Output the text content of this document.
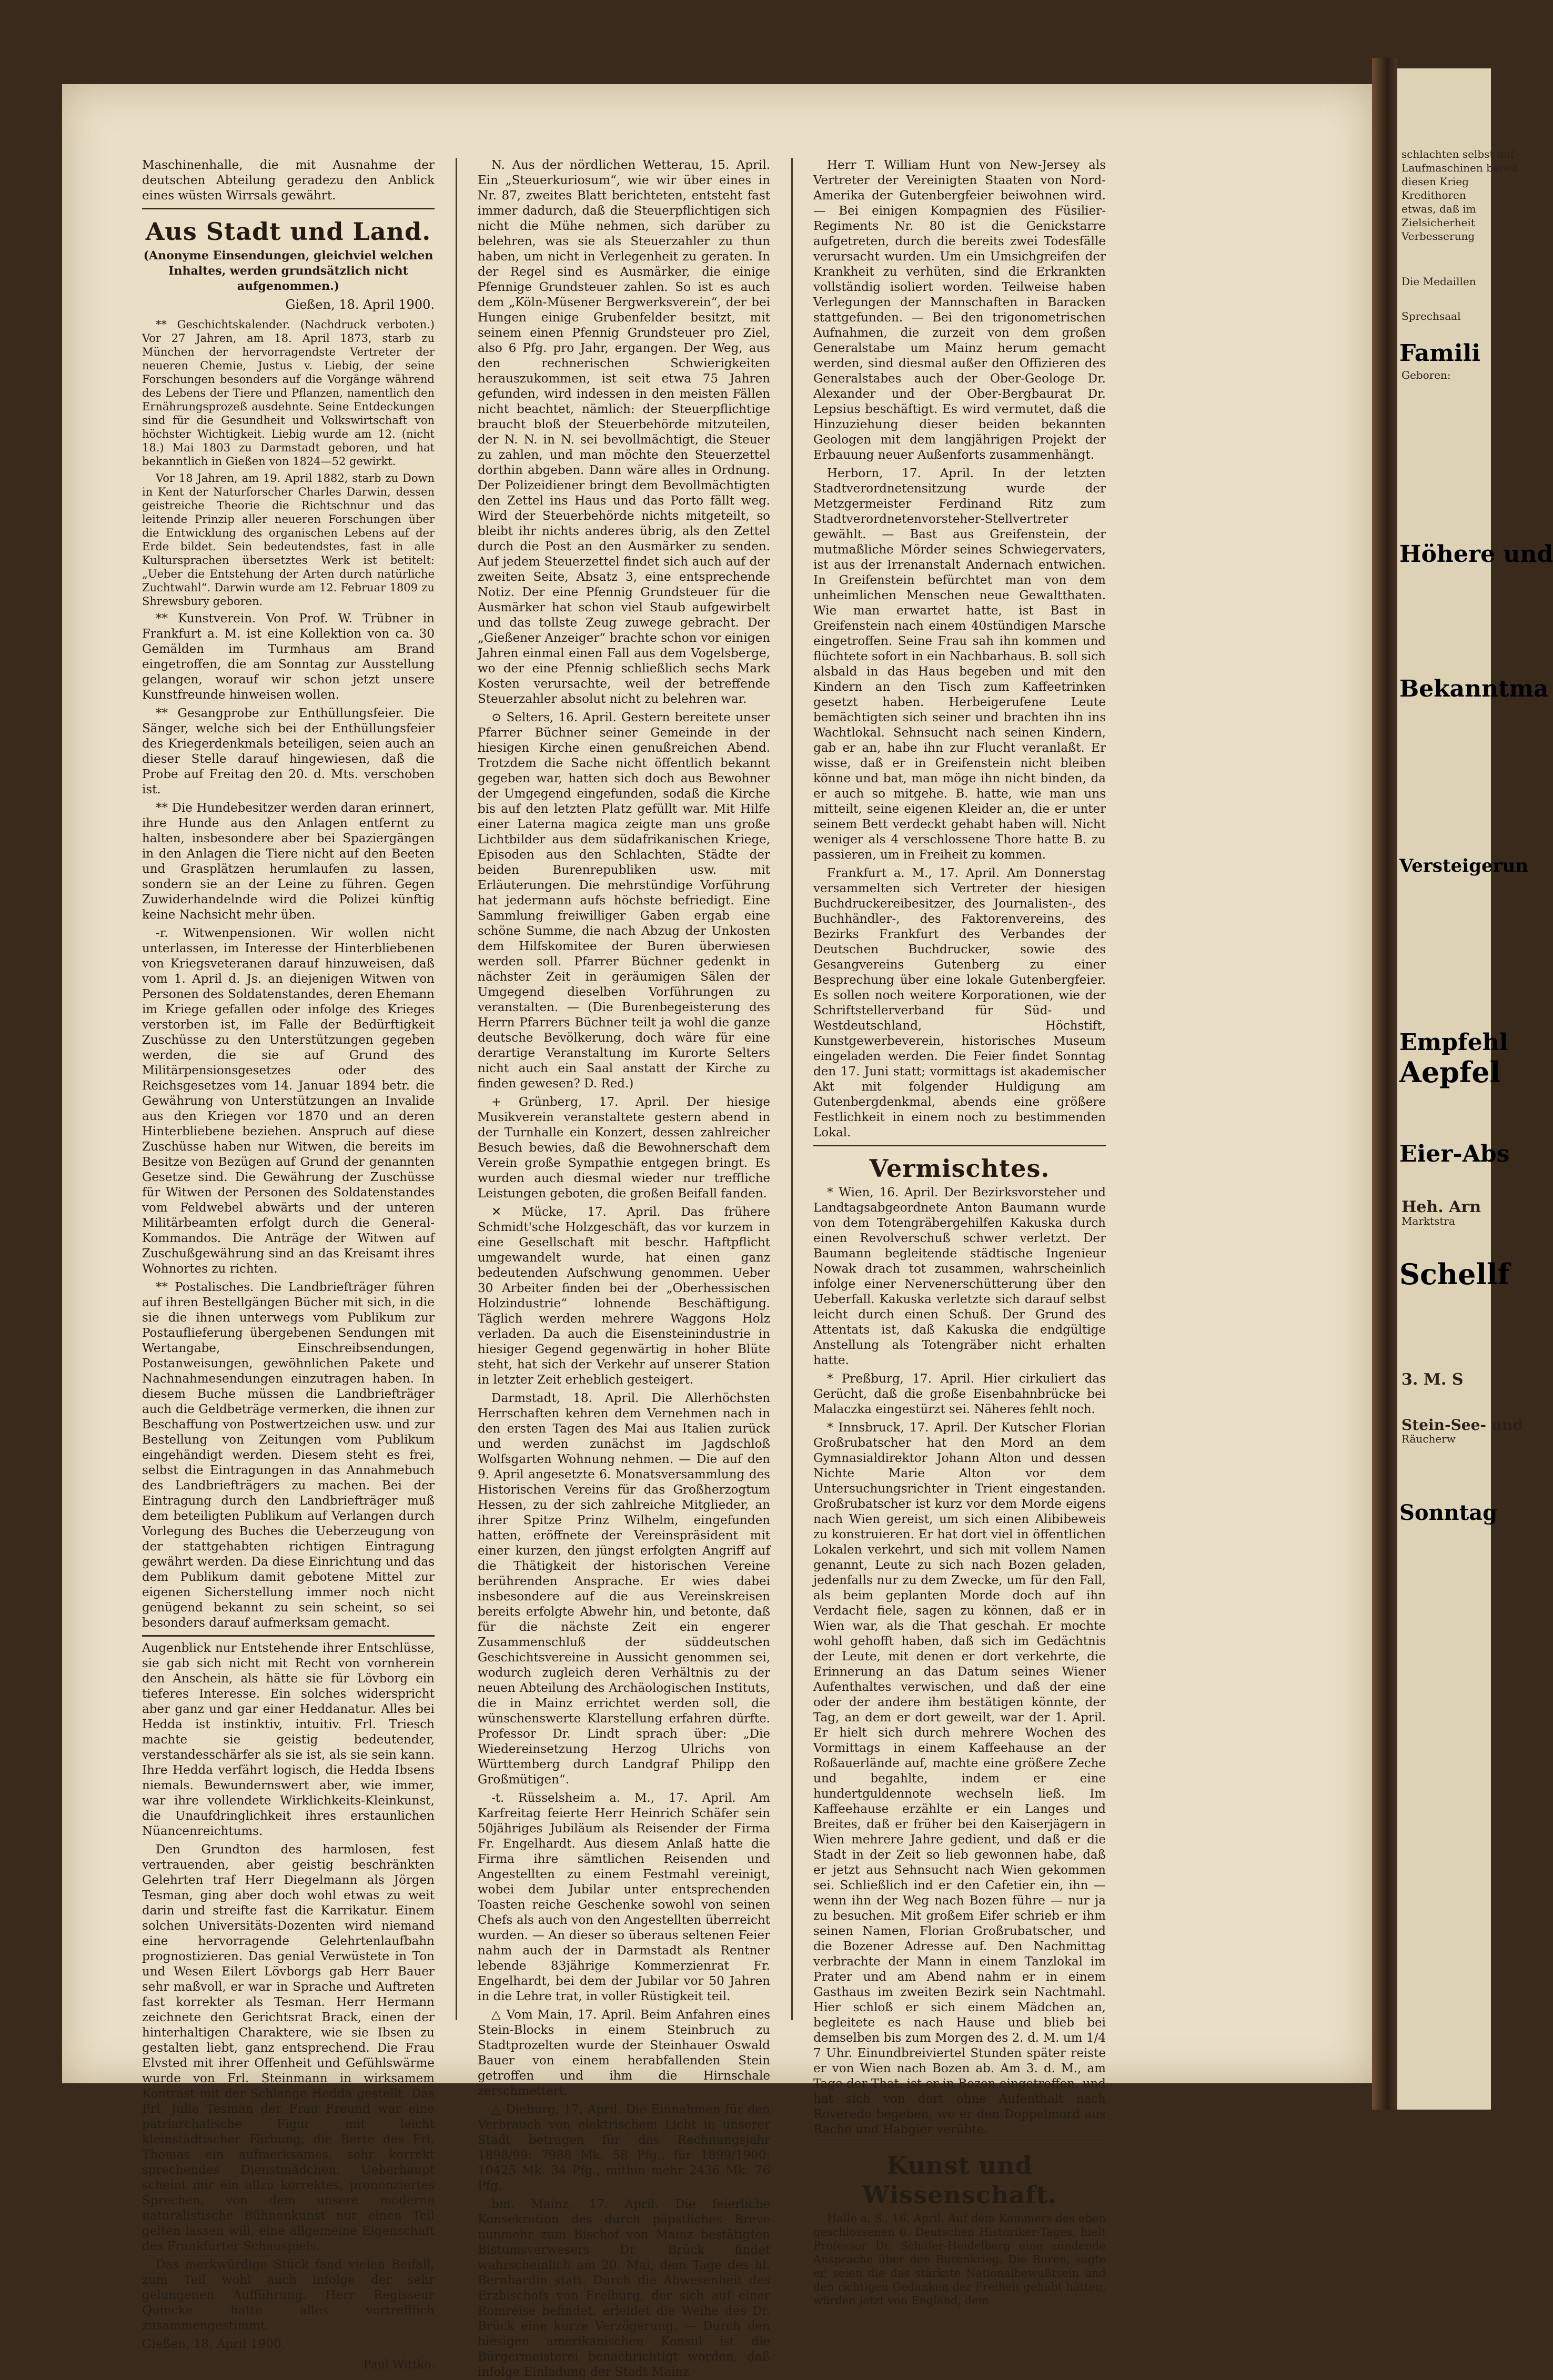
Maschinenhalle, die mit Ausnahme der deutschen Abteilung geradezu den Anblick eines wüsten Wirrsals gewährt.

Aus Stadt und Land.

(Anonyme Einsendungen, gleichviel welchen Inhaltes, werden grundsätzlich nicht aufgenommen.)

Gießen, 18. April 1900.

** Geschichtskalender. (Nachdruck verboten.) Vor 27 Jahren, am 18. April 1873, starb zu München der hervorragendste Vertreter der neueren Chemie, Justus v. Liebig, der seine Forschungen besonders auf die Vorgänge während des Lebens der Tiere und Pflanzen, namentlich den Ernährungsprozeß ausdehnte. Seine Entdeckungen sind für die Gesundheit und Volkswirtschaft von höchster Wichtigkeit. Liebig wurde am 12. (nicht 18.) Mai 1803 zu Darmstadt geboren, und hat bekanntlich in Gießen von 1824—52 gewirkt.

Vor 18 Jahren, am 19. April 1882, starb zu Down in Kent der Naturforscher Charles Darwin, dessen geistreiche Theorie die Richtschnur und das leitende Prinzip aller neueren Forschungen über die Entwicklung des organischen Lebens auf der Erde bildet. Sein bedeutendstes, fast in alle Kultursprachen übersetztes Werk ist betitelt: „Ueber die Entstehung der Arten durch natürliche Zuchtwahl“. Darwin wurde am 12. Februar 1809 zu Shrewsbury geboren.

** Kunstverein. Von Prof. W. Trübner in Frankfurt a. M. ist eine Kollektion von ca. 30 Gemälden im Turmhaus am Brand eingetroffen, die am Sonntag zur Ausstellung gelangen, worauf wir schon jetzt unsere Kunstfreunde hinweisen wollen.

** Gesangprobe zur Enthüllungsfeier. Die Sänger, welche sich bei der Enthüllungsfeier des Kriegerdenkmals beteiligen, seien auch an dieser Stelle darauf hingewiesen, daß die Probe auf Freitag den 20. d. Mts. verschoben ist.

** Die Hundebesitzer werden daran erinnert, ihre Hunde aus den Anlagen entfernt zu halten, insbesondere aber bei Spaziergängen in den Anlagen die Tiere nicht auf den Beeten und Grasplätzen herumlaufen zu lassen, sondern sie an der Leine zu führen. Gegen Zuwiderhandelnde wird die Polizei künftig keine Nachsicht mehr üben.

-r. Witwenpensionen. Wir wollen nicht unterlassen, im Interesse der Hinterbliebenen von Kriegsveteranen darauf hinzuweisen, daß vom 1. April d. Js. an diejenigen Witwen von Personen des Soldatenstandes, deren Ehemann im Kriege gefallen oder infolge des Krieges verstorben ist, im Falle der Bedürftigkeit Zuschüsse zu den Unterstützungen gegeben werden, die sie auf Grund des Militärpensionsgesetzes oder des Reichsgesetzes vom 14. Januar 1894 betr. die Gewährung von Unterstützungen an Invalide aus den Kriegen vor 1870 und an deren Hinterbliebene beziehen. Anspruch auf diese Zuschüsse haben nur Witwen, die bereits im Besitze von Bezügen auf Grund der genannten Gesetze sind. Die Gewährung der Zuschüsse für Witwen der Personen des Soldatenstandes vom Feldwebel abwärts und der unteren Militärbeamten erfolgt durch die General-Kommandos. Die Anträge der Witwen auf Zuschußgewährung sind an das Kreisamt ihres Wohnortes zu richten.

** Postalisches. Die Landbriefträger führen auf ihren Bestellgängen Bücher mit sich, in die sie die ihnen unterwegs vom Publikum zur Postauflieferung übergebenen Sendungen mit Wertangabe, Einschreibsendungen, Postanweisungen, gewöhnlichen Pakete und Nachnahmesendungen einzutragen haben. In diesem Buche müssen die Landbriefträger auch die Geldbeträge vermerken, die ihnen zur Beschaffung von Postwertzeichen usw. und zur Bestellung von Zeitungen vom Publikum eingehändigt werden. Diesem steht es frei, selbst die Eintragungen in das Annahmebuch des Landbriefträgers zu machen. Bei der Eintragung durch den Landbriefträger muß dem beteiligten Publikum auf Verlangen durch Vorlegung des Buches die Ueberzeugung von der stattgehabten richtigen Eintragung gewährt werden. Da diese Einrichtung und das dem Publikum damit gebotene Mittel zur eigenen Sicherstellung immer noch nicht genügend bekannt zu sein scheint, so sei besonders darauf aufmerksam gemacht.

Augenblick nur Entstehende ihrer Entschlüsse, sie gab sich nicht mit Recht von vornherein den Anschein, als hätte sie für Lövborg ein tieferes Interesse. Ein solches widerspricht aber ganz und gar einer Heddanatur. Alles bei Hedda ist instinktiv, intuitiv. Frl. Triesch machte sie geistig bedeutender, verstandesschärfer als sie ist, als sie sein kann. Ihre Hedda verfährt logisch, die Hedda Ibsens niemals. Bewundernswert aber, wie immer, war ihre vollendete Wirklichkeits-Kleinkunst, die Unaufdringlichkeit ihres erstaunlichen Nüancenreichtums.

Den Grundton des harmlosen, fest vertrauenden, aber geistig beschränkten Gelehrten traf Herr Diegelmann als Jörgen Tesman, ging aber doch wohl etwas zu weit darin und streifte fast die Karrikatur. Einem solchen Universitäts-Dozenten wird niemand eine hervorragende Gelehrtenlaufbahn prognostizieren. Das genial Verwüstete in Ton und Wesen Eilert Lövborgs gab Herr Bauer sehr maßvoll, er war in Sprache und Auftreten fast korrekter als Tesman. Herr Hermann zeichnete den Gerichtsrat Brack, einen der hinterhaltigen Charaktere, wie sie Ibsen zu gestalten liebt, ganz entsprechend. Die Frau Elvsted mit ihrer Offenheit und Gefühlswärme wurde von Frl. Steinmann in wirksamem Kontrast mit der Schlange Hedda gestellt. Das Frl. Julie Tesman der Frau Freund war eine patriarchalische Figur mit leicht kleinstädtischer Färbung, die Berte des Frl. Thomas ein aufmerksames, sehr korrekt sprechendes Dienstmädchen. Ueberhaupt scheint mir ein allzu korrektes, prononziertes Sprechen, von dem unsere moderne naturalistische Bühnenkunst nur einen Teil gelten lassen will, eine allgemeine Eigenschaft des Frankfurter Schauspiels.

Das merkwürdige Stück fand vielen Beifall, zum Teil wohl auch infolge der sehr gelungenen Aufführung. Herr Regisseur Quincke hatte alles vortrefflich zusammengestimmt.

Gießen, 18. April 1900.

Paul Wittko.

N. Aus der nördlichen Wetterau, 15. April. Ein „Steuerkuriosum“, wie wir über eines in Nr. 87, zweites Blatt berichteten, entsteht fast immer dadurch, daß die Steuerpflichtigen sich nicht die Mühe nehmen, sich darüber zu belehren, was sie als Steuerzahler zu thun haben, um nicht in Verlegenheit zu geraten. In der Regel sind es Ausmärker, die einige Pfennige Grundsteuer zahlen. So ist es auch dem „Köln-Müsener Bergwerksverein“, der bei Hungen einige Grubenfelder besitzt, mit seinem einen Pfennig Grundsteuer pro Ziel, also 6 Pfg. pro Jahr, ergangen. Der Weg, aus den rechnerischen Schwierigkeiten herauszukommen, ist seit etwa 75 Jahren gefunden, wird indessen in den meisten Fällen nicht beachtet, nämlich: der Steuerpflichtige braucht bloß der Steuerbehörde mitzuteilen, der N. N. in N. sei bevollmächtigt, die Steuer zu zahlen, und man möchte den Steuerzettel dorthin abgeben. Dann wäre alles in Ordnung. Der Polizeidiener bringt dem Bevollmächtigten den Zettel ins Haus und das Porto fällt weg. Wird der Steuerbehörde nichts mitgeteilt, so bleibt ihr nichts anderes übrig, als den Zettel durch die Post an den Ausmärker zu senden. Auf jedem Steuerzettel findet sich auch auf der zweiten Seite, Absatz 3, eine entsprechende Notiz. Der eine Pfennig Grundsteuer für die Ausmärker hat schon viel Staub aufgewirbelt und das tollste Zeug zuwege gebracht. Der „Gießener Anzeiger“ brachte schon vor einigen Jahren einmal einen Fall aus dem Vogelsberge, wo der eine Pfennig schließlich sechs Mark Kosten verursachte, weil der betreffende Steuerzahler absolut nicht zu belehren war.

⊙ Selters, 16. April. Gestern bereitete unser Pfarrer Büchner seiner Gemeinde in der hiesigen Kirche einen genußreichen Abend. Trotzdem die Sache nicht öffentlich bekannt gegeben war, hatten sich doch aus Bewohner der Umgegend eingefunden, sodaß die Kirche bis auf den letzten Platz gefüllt war. Mit Hilfe einer Laterna magica zeigte man uns große Lichtbilder aus dem südafrikanischen Kriege, Episoden aus den Schlachten, Städte der beiden Burenrepubliken usw. mit Erläuterungen. Die mehrstündige Vorführung hat jedermann aufs höchste befriedigt. Eine Sammlung freiwilliger Gaben ergab eine schöne Summe, die nach Abzug der Unkosten dem Hilfskomitee der Buren überwiesen werden soll. Pfarrer Büchner gedenkt in nächster Zeit in geräumigen Sälen der Umgegend dieselben Vorführungen zu veranstalten. — (Die Burenbegeisterung des Herrn Pfarrers Büchner teilt ja wohl die ganze deutsche Bevölkerung, doch wäre für eine derartige Veranstaltung im Kurorte Selters nicht auch ein Saal anstatt der Kirche zu finden gewesen? D. Red.)

+ Grünberg, 17. April. Der hiesige Musikverein veranstaltete gestern abend in der Turnhalle ein Konzert, dessen zahlreicher Besuch bewies, daß die Bewohnerschaft dem Verein große Sympathie entgegen bringt. Es wurden auch diesmal wieder nur treffliche Leistungen geboten, die großen Beifall fanden.

✕ Mücke, 17. April. Das frühere Schmidt'sche Holzgeschäft, das vor kurzem in eine Gesellschaft mit beschr. Haftpflicht umgewandelt wurde, hat einen ganz bedeutenden Aufschwung genommen. Ueber 30 Arbeiter finden bei der „Oberhessischen Holzindustrie“ lohnende Beschäftigung. Täglich werden mehrere Waggons Holz verladen. Da auch die Eisensteinindustrie in hiesiger Gegend gegenwärtig in hoher Blüte steht, hat sich der Verkehr auf unserer Station in letzter Zeit erheblich gesteigert.

Darmstadt, 18. April. Die Allerhöchsten Herrschaften kehren dem Vernehmen nach in den ersten Tagen des Mai aus Italien zurück und werden zunächst im Jagdschloß Wolfsgarten Wohnung nehmen. — Die auf den 9. April angesetzte 6. Monatsversammlung des Historischen Vereins für das Großherzogtum Hessen, zu der sich zahlreiche Mitglieder, an ihrer Spitze Prinz Wilhelm, eingefunden hatten, eröffnete der Vereinspräsident mit einer kurzen, den jüngst erfolgten Angriff auf die Thätigkeit der historischen Vereine berührenden Ansprache. Er wies dabei insbesondere auf die aus Vereinskreisen bereits erfolgte Abwehr hin, und betonte, daß für die nächste Zeit ein engerer Zusammenschluß der süddeutschen Geschichtsvereine in Aussicht genommen sei, wodurch zugleich deren Verhältnis zu der neuen Abteilung des Archäologischen Instituts, die in Mainz errichtet werden soll, die wünschenswerte Klarstellung erfahren dürfte. Professor Dr. Lindt sprach über: „Die Wiedereinsetzung Herzog Ulrichs von Württemberg durch Landgraf Philipp den Großmütigen“.

-t. Rüsselsheim a. M., 17. April. Am Karfreitag feierte Herr Heinrich Schäfer sein 50jähriges Jubiläum als Reisender der Firma Fr. Engelhardt. Aus diesem Anlaß hatte die Firma ihre sämtlichen Reisenden und Angestellten zu einem Festmahl vereinigt, wobei dem Jubilar unter entsprechenden Toasten reiche Geschenke sowohl von seinen Chefs als auch von den Angestellten überreicht wurden. — An dieser so überaus seltenen Feier nahm auch der in Darmstadt als Rentner lebende 83jährige Kommerzienrat Fr. Engelhardt, bei dem der Jubilar vor 50 Jahren in die Lehre trat, in voller Rüstigkeit teil.

△ Vom Main, 17. April. Beim Anfahren eines Stein-Blocks in einem Steinbruch zu Stadtprozelten wurde der Steinhauer Oswald Bauer von einem herabfallenden Stein getroffen und ihm die Hirnschale zerschmettert.

△ Dieburg, 17. April. Die Einnahmen für den Verbrauch von elektrischem Licht in unserer Stadt betragen für das Rechnungsjahr 1898/99: 7988 Mk. 58 Pfg., für 1899/1900: 10425 Mk. 34 Pfg., mithin mehr 2436 Mk. 76 Pfg.

bm. Mainz, 17. April. Die feierliche Konsekration des durch päpstliches Breve nunmehr zum Bischof von Mainz bestätigten Bistumsverwesers Dr. Brück findet wahrscheinlich am 20. Mai, dem Tage des hl. Bernhardin statt. Durch die Abwesenheit des Erzbischofs von Freiburg, der sich auf einer Romreise befindet, erleidet die Weihe des Dr. Brück eine kurze Verzögerung. — Durch den hiesigen amerikanischen Konsul ist die Bürgermeisterei benachrichtigt worden, daß infolge Einladung der Stadt Mainz

Herr T. William Hunt von New-Jersey als Vertreter der Vereinigten Staaten von Nord-Amerika der Gutenbergfeier beiwohnen wird. — Bei einigen Kompagnien des Füsilier-Regiments Nr. 80 ist die Genickstarre aufgetreten, durch die bereits zwei Todesfälle verursacht wurden. Um ein Umsichgreifen der Krankheit zu verhüten, sind die Erkrankten vollständig isoliert worden. Teilweise haben Verlegungen der Mannschaften in Baracken stattgefunden. — Bei den trigonometrischen Aufnahmen, die zurzeit von dem großen Generalstabe um Mainz herum gemacht werden, sind diesmal außer den Offizieren des Generalstabes auch der Ober-Geologe Dr. Alexander und der Ober-Bergbaurat Dr. Lepsius beschäftigt. Es wird vermutet, daß die Hinzuziehung dieser beiden bekannten Geologen mit dem langjährigen Projekt der Erbauung neuer Außenforts zusammenhängt.

Herborn, 17. April. In der letzten Stadtverordnetensitzung wurde der Metzgermeister Ferdinand Ritz zum Stadtverordnetenvorsteher-Stellvertreter gewählt. — Bast aus Greifenstein, der mutmaßliche Mörder seines Schwiegervaters, ist aus der Irrenanstalt Andernach entwichen. In Greifenstein befürchtet man von dem unheimlichen Menschen neue Gewaltthaten. Wie man erwartet hatte, ist Bast in Greifenstein nach einem 40stündigen Marsche eingetroffen. Seine Frau sah ihn kommen und flüchtete sofort in ein Nachbarhaus. B. soll sich alsbald in das Haus begeben und mit den Kindern an den Tisch zum Kaffeetrinken gesetzt haben. Herbeigerufene Leute bemächtigten sich seiner und brachten ihn ins Wachtlokal. Sehnsucht nach seinen Kindern, gab er an, habe ihn zur Flucht veranlaßt. Er wisse, daß er in Greifenstein nicht bleiben könne und bat, man möge ihn nicht binden, da er auch so mitgehe. B. hatte, wie man uns mitteilt, seine eigenen Kleider an, die er unter seinem Bett verdeckt gehabt haben will. Nicht weniger als 4 verschlossene Thore hatte B. zu passieren, um in Freiheit zu kommen.

Frankfurt a. M., 17. April. Am Donnerstag versammelten sich Vertreter der hiesigen Buchdruckereibesitzer, des Journalisten-, des Buchhändler-, des Faktorenvereins, des Bezirks Frankfurt des Verbandes der Deutschen Buchdrucker, sowie des Gesangvereins Gutenberg zu einer Besprechung über eine lokale Gutenbergfeier. Es sollen noch weitere Korporationen, wie der Schriftstellerverband für Süd- und Westdeutschland, Höchstift, Kunstgewerbeverein, historisches Museum eingeladen werden. Die Feier findet Sonntag den 17. Juni statt; vormittags ist akademischer Akt mit folgender Huldigung am Gutenbergdenkmal, abends eine größere Festlichkeit in einem noch zu bestimmenden Lokal.

Vermischtes.

* Wien, 16. April. Der Bezirksvorsteher und Landtagsabgeordnete Anton Baumann wurde von dem Totengräbergehilfen Kakuska durch einen Revolverschuß schwer verletzt. Der Baumann begleitende städtische Ingenieur Nowak drach tot zusammen, wahrscheinlich infolge einer Nervenerschütterung über den Ueberfall. Kakuska verletzte sich darauf selbst leicht durch einen Schuß. Der Grund des Attentats ist, daß Kakuska die endgültige Anstellung als Totengräber nicht erhalten hatte.

* Preßburg, 17. April. Hier cirkuliert das Gerücht, daß die große Eisenbahnbrücke bei Malaczka eingestürzt sei. Näheres fehlt noch.

* Innsbruck, 17. April. Der Kutscher Florian Großrubatscher hat den Mord an dem Gymnasialdirektor Johann Alton und dessen Nichte Marie Alton vor dem Untersuchungsrichter in Trient eingestanden. Großrubatscher ist kurz vor dem Morde eigens nach Wien gereist, um sich einen Alibibeweis zu konstruieren. Er hat dort viel in öffentlichen Lokalen verkehrt, und sich mit vollem Namen genannt, Leute zu sich nach Bozen geladen, jedenfalls nur zu dem Zwecke, um für den Fall, als beim geplanten Morde doch auf ihn Verdacht fiele, sagen zu können, daß er in Wien war, als die That geschah. Er mochte wohl gehofft haben, daß sich im Gedächtnis der Leute, mit denen er dort verkehrte, die Erinnerung an das Datum seines Wiener Aufenthaltes verwischen, und daß der eine oder der andere ihm bestätigen könnte, der Tag, an dem er dort geweilt, war der 1. April. Er hielt sich durch mehrere Wochen des Vormittags in einem Kaffeehause an der Roßauerlände auf, machte eine größere Zeche und begahlte, indem er eine hundertguldennote wechseln ließ. Im Kaffeehause erzählte er ein Langes und Breites, daß er früher bei den Kaiserjägern in Wien mehrere Jahre gedient, und daß er die Stadt in der Zeit so lieb gewonnen habe, daß er jetzt aus Sehnsucht nach Wien gekommen sei. Schließlich ind er den Cafetier ein, ihn — wenn ihn der Weg nach Bozen führe — nur ja zu besuchen. Mit großem Eifer schrieb er ihm seinen Namen, Florian Großrubatscher, und die Bozener Adresse auf. Den Nachmittag verbrachte der Mann in einem Tanzlokal im Prater und am Abend nahm er in einem Gasthaus im zweiten Bezirk sein Nachtmahl. Hier schloß er sich einem Mädchen an, begleitete es nach Hause und blieb bei demselben bis zum Morgen des 2. d. M. um 1/4 7 Uhr. Einundbreiviertel Stunden später reiste er von Wien nach Bozen ab. Am 3. d. M., am Tage der That, ist er in Bozen eingetroffen, und hat sich von dort ohne Aufenthalt nach Roveredo begeben, wo er den Doppelmord aus Rache und Habgier verübte.

Kunst und Wissenschaft.

Halle a. S., 16. April. Auf dem Kommers des eben geschlossenen 6. Deutschen Historiker-Tages, hielt Professor Dr. Schäfer-Heidelberg eine zündende Ansprache über den Burenkrieg. Die Buren, sagte er, seien die das stärkste Nationalbewußtsein und den richtigen Gedanken der Freiheit gehabt hätten, würden jetzt von England, dem

schlachten selbst auf
Laufmaschinen bereit
diesen Krieg
Kredithoren
etwas, daß im
Zielsicherheit
Verbesserung
Die Medaillen
Sprechsaal
Famili
Geboren:
Höhere und
Bekanntma
Versteigerun
Empfehl
Aepfel
Eier-Abs
Heh. Arn
Marktstra
Schellf
3. M. S
Stein-See- und
Räucherw
Sonntag
